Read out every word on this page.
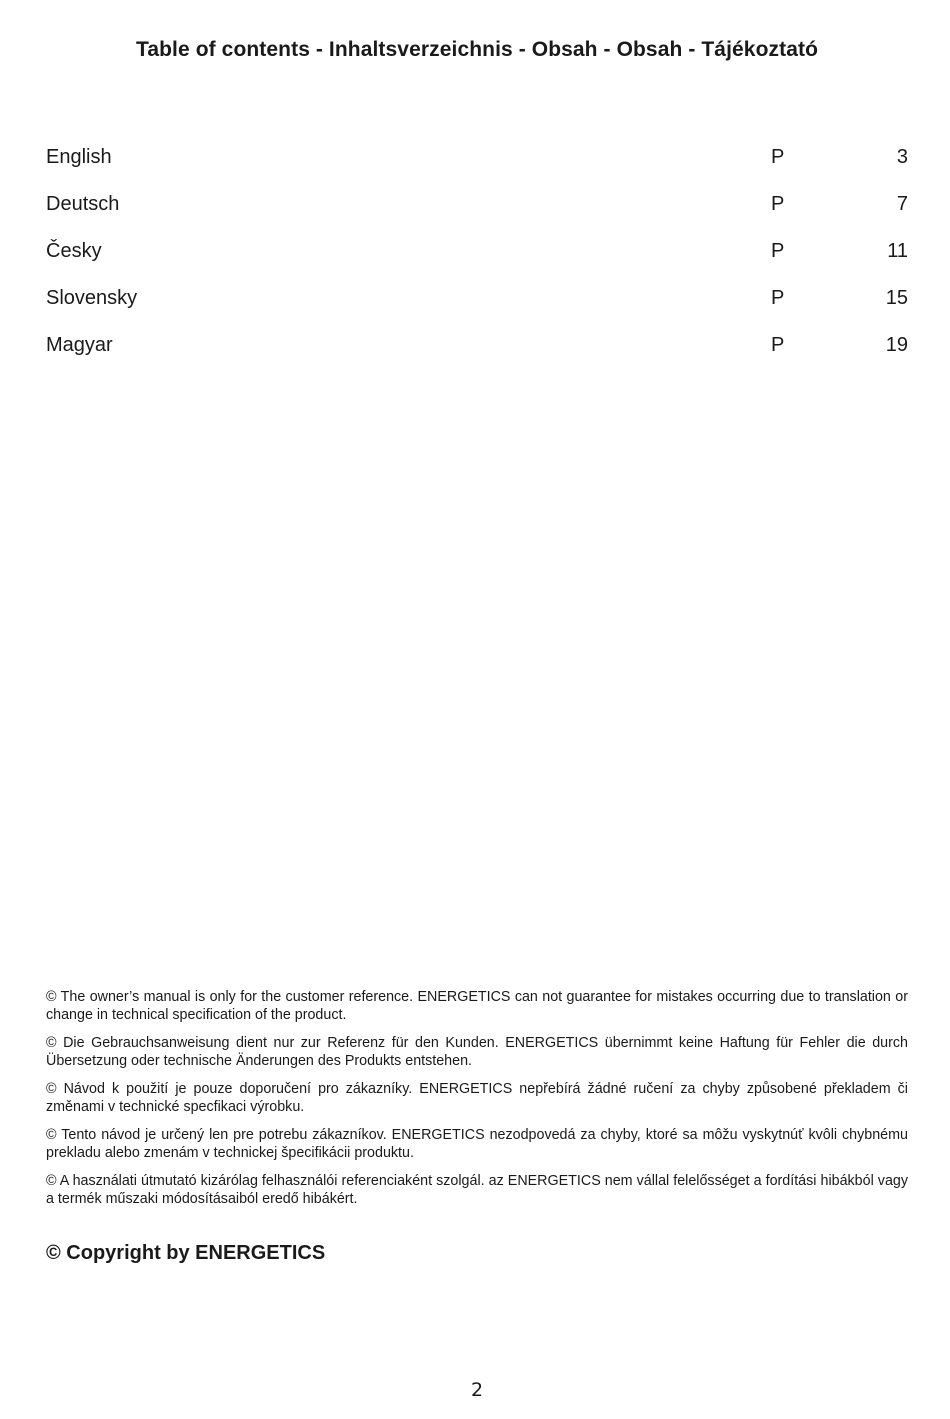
Table of contents - Inhaltsverzeichnis - Obsah - Obsah - Tájékoztató
English	P	3
Deutsch	P	7
Česky	P	11
Slovensky	P	15
Magyar	P	19

© The owner’s manual is only for the customer reference. ENERGETICS can not guarantee for mistakes occurring due to translation or change in technical specification of the product.

© Die Gebrauchsanweisung dient nur zur Referenz für den Kunden. ENERGETICS übernimmt keine Haftung für Fehler die durch Übersetzung oder technische Änderungen des Produkts entstehen.

© Návod k použití je pouze doporučení pro zákazníky. ENERGETICS nepřebírá žádné ručení za chyby způsobené překladem či změnami v technické specfikaci výrobku.

© Tento návod je určený len pre potrebu zákazníkov. ENERGETICS nezodpovedá za chyby, ktoré sa môžu vyskytnúť kvôli chybnému prekladu alebo zmenám v technickej špecifikácii produktu.

© A használati útmutató kizárólag felhasználói referenciaként szolgál. az ENERGETICS nem vállal felelősséget a fordítási hibákból vagy a termék műszaki módosításaiból eredő hibákért.

© Copyright by ENERGETICS
2
